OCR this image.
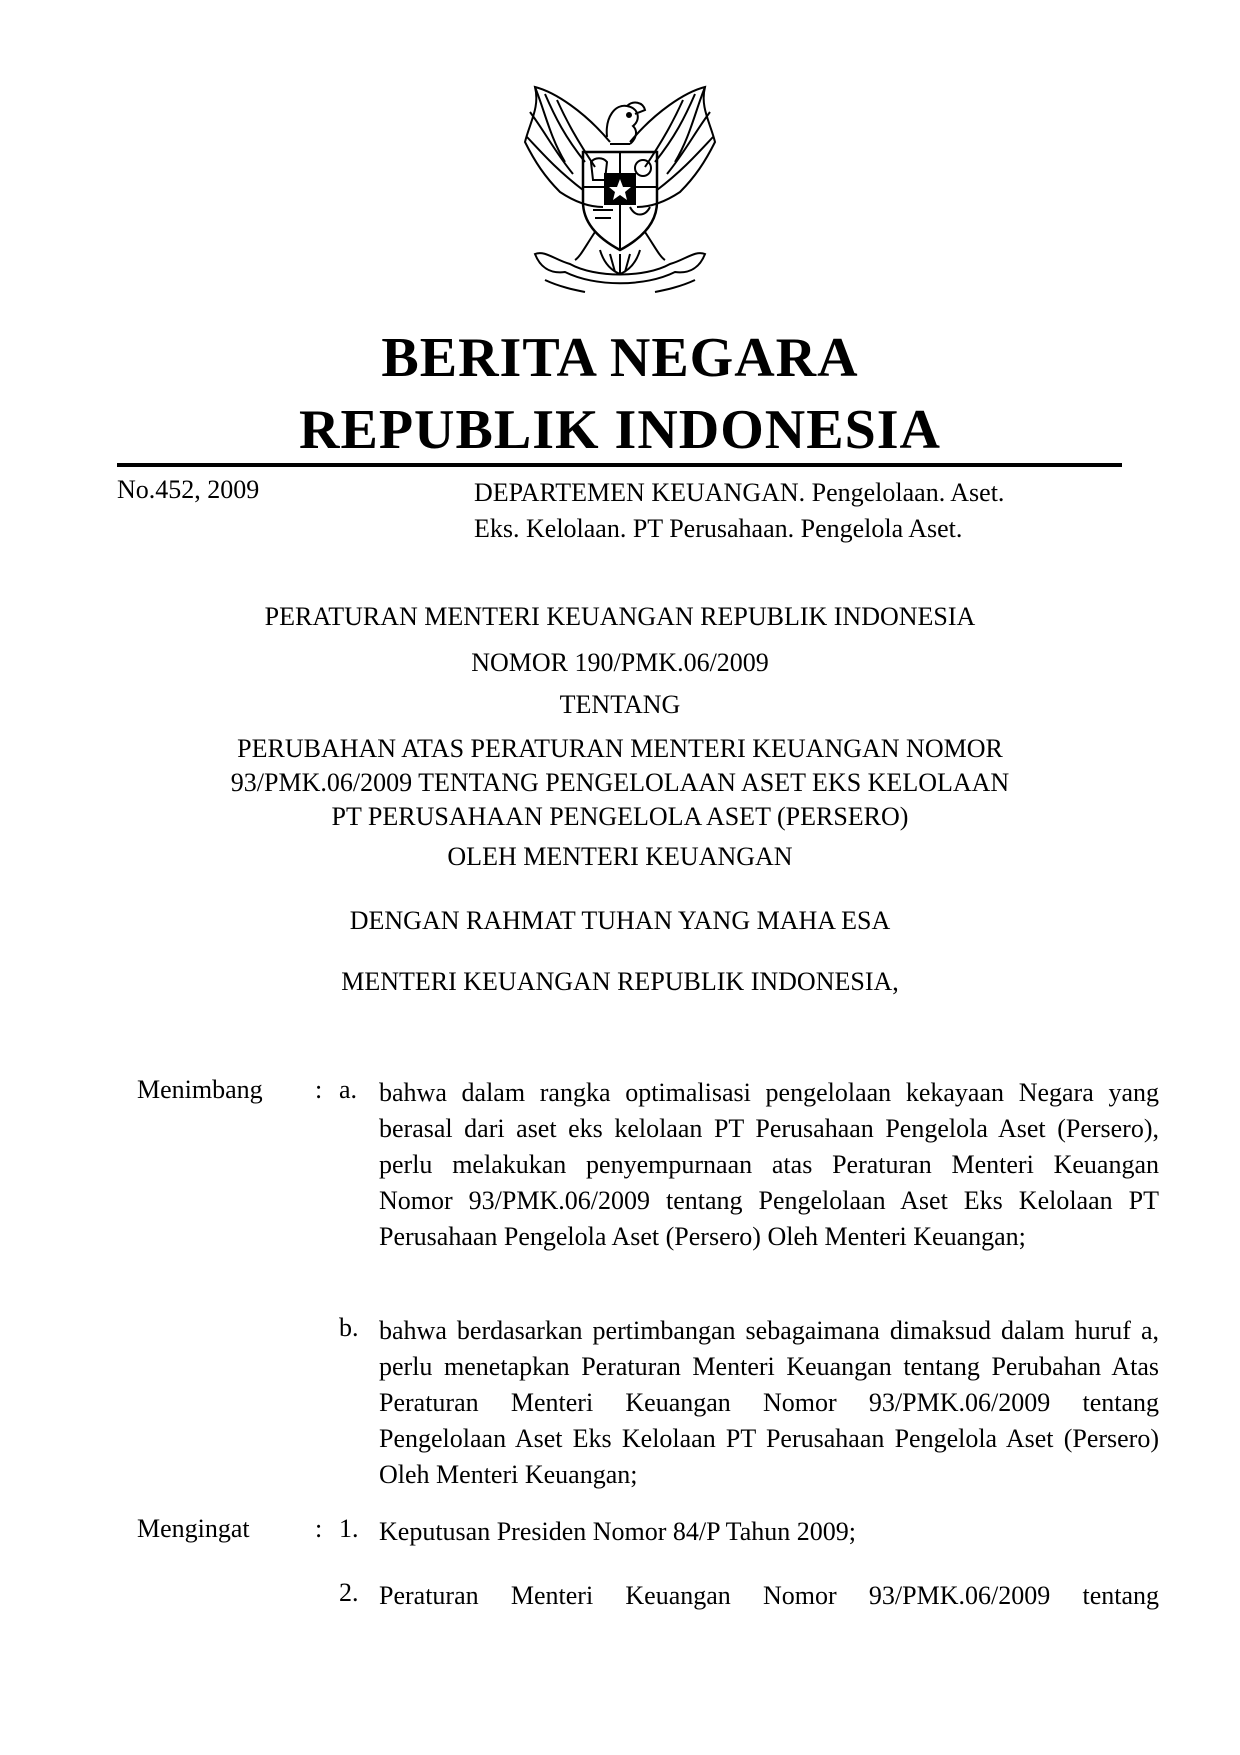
BERITA NEGARA
REPUBLIK INDONESIA
No.452, 2009	DEPARTEMEN KEUANGAN. Pengelolaan. Aset.
Eks. Kelolaan. PT Perusahaan. Pengelola Aset.
PERATURAN MENTERI KEUANGAN REPUBLIK INDONESIA
NOMOR 190/PMK.06/2009
TENTANG
PERUBAHAN ATAS PERATURAN MENTERI KEUANGAN NOMOR
93/PMK.06/2009 TENTANG PENGELOLAAN ASET EKS KELOLAAN
PT PERUSAHAAN PENGELOLA ASET (PERSERO)
OLEH MENTERI KEUANGAN
DENGAN RAHMAT TUHAN YANG MAHA ESA
MENTERI KEUANGAN REPUBLIK INDONESIA,
Menimbang : a. bahwa dalam rangka optimalisasi pengelolaan kekayaan Negara yang berasal dari aset eks kelolaan PT Perusahaan Pengelola Aset (Persero), perlu melakukan penyempurnaan atas Peraturan Menteri Keuangan Nomor 93/PMK.06/2009 tentang Pengelolaan Aset Eks Kelolaan PT Perusahaan Pengelola Aset (Persero) Oleh Menteri Keuangan;
b. bahwa berdasarkan pertimbangan sebagaimana dimaksud dalam huruf a, perlu menetapkan Peraturan Menteri Keuangan tentang Perubahan Atas Peraturan Menteri Keuangan Nomor 93/PMK.06/2009 tentang Pengelolaan Aset Eks Kelolaan PT Perusahaan Pengelola Aset (Persero) Oleh Menteri Keuangan;
Mengingat	: 1. Keputusan Presiden Nomor 84/P Tahun 2009;
2. Peraturan Menteri Keuangan Nomor 93/PMK.06/2009 tentang
